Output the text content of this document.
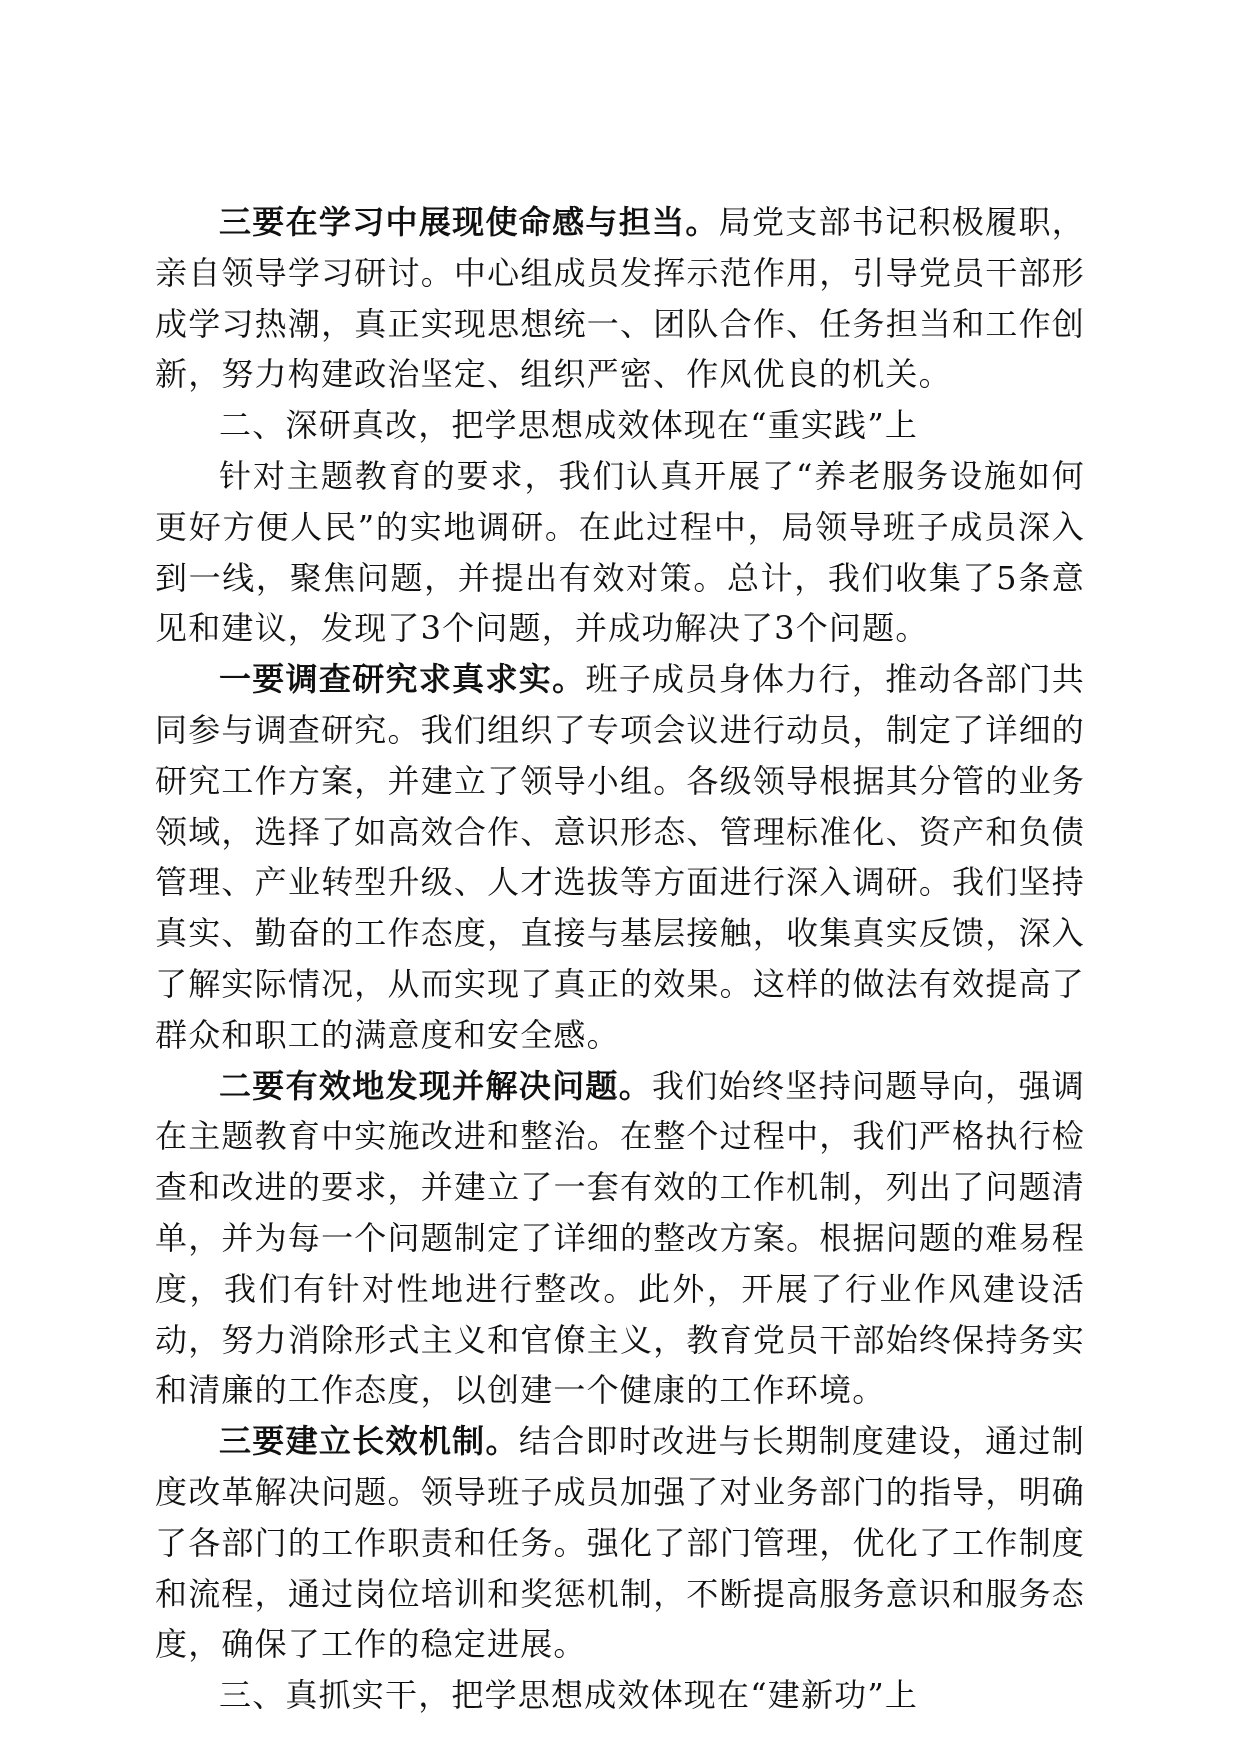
三要在学习中展现使命感与担当。局党支部书记积极履职，亲自领导学习研讨。中心组成员发挥示范作用，引导党员干部形成学习热潮，真正实现思想统一、团队合作、任务担当和工作创新，努力构建政治坚定、组织严密、作风优良的机关。

二、深研真改，把学思想成效体现在“重实践”上

针对主题教育的要求，我们认真开展了“养老服务设施如何更好方便人民”的实地调研。在此过程中，局领导班子成员深入到一线，聚焦问题，并提出有效对策。总计，我们收集了5条意见和建议，发现了3个问题，并成功解决了3个问题。

一要调查研究求真求实。班子成员身体力行，推动各部门共同参与调查研究。我们组织了专项会议进行动员，制定了详细的研究工作方案，并建立了领导小组。各级领导根据其分管的业务领域，选择了如高效合作、意识形态、管理标准化、资产和负债管理、产业转型升级、人才选拔等方面进行深入调研。我们坚持真实、勤奋的工作态度，直接与基层接触，收集真实反馈，深入了解实际情况，从而实现了真正的效果。这样的做法有效提高了群众和职工的满意度和安全感。

二要有效地发现并解决问题。我们始终坚持问题导向，强调在主题教育中实施改进和整治。在整个过程中，我们严格执行检查和改进的要求，并建立了一套有效的工作机制，列出了问题清单，并为每一个问题制定了详细的整改方案。根据问题的难易程度，我们有针对性地进行整改。此外，开展了行业作风建设活动，努力消除形式主义和官僚主义，教育党员干部始终保持务实和清廉的工作态度，以创建一个健康的工作环境。

三要建立长效机制。结合即时改进与长期制度建设，通过制度改革解决问题。领导班子成员加强了对业务部门的指导，明确了各部门的工作职责和任务。强化了部门管理，优化了工作制度和流程，通过岗位培训和奖惩机制，不断提高服务意识和服务态度，确保了工作的稳定进展。

三、真抓实干，把学思想成效体现在“建新功”上
